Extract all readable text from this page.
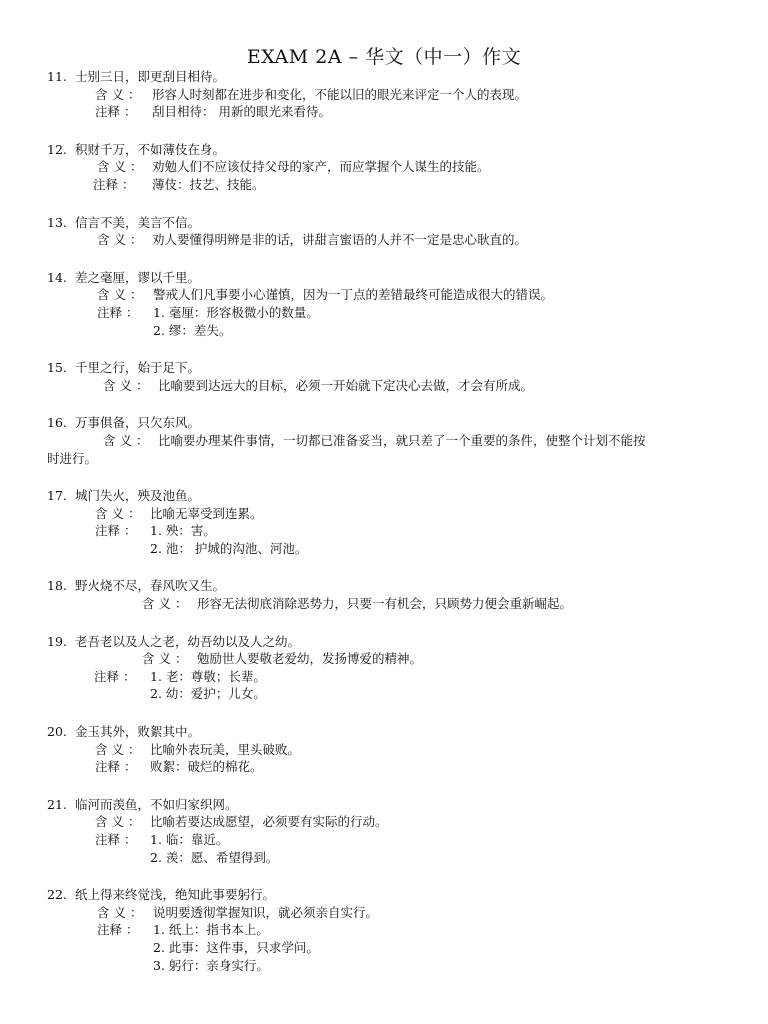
EXAM 2A – 华文（中一）作文
11. 士别三日，即更刮目相待。
含 义 ： 形容人时刻都在进步和变化，不能以旧的眼光来评定一个人的表现。
注释 ：	刮目相待： 用新的眼光来看待。
12. 积财千万，不如薄伎在身。
含 义 ： 劝勉人们不应该仗持父母的家产，而应掌握个人谋生的技能。
注释 ：	薄伎：技艺、技能。
13. 信言不美，美言不信。
含 义 ： 劝人要懂得明辨是非的话，讲甜言蜜语的人并不一定是忠心耿直的。
14. 差之毫厘，谬以千里。
含 义 ： 警戒人们凡事要小心谨慎，因为一丁点的差错最终可能造成很大的错误。
注释 ：	1. 毫厘：形容极微小的数量。
2. 缪：差失。
15. 千里之行，始于足下。
含 义 ： 比喻要到达远大的目标，必须一开始就下定决心去做，才会有所成。
16. 万事俱备，只欠东风。
含 义 ： 比喻要办理某件事情，一切都已准备妥当，就只差了一个重要的条件，使整个计划不能按
时进行。
17. 城门失火，殃及池鱼。
含 义 ： 比喻无辜受到连累。
注释 ：	1. 殃：害。
2. 池： 护城的沟池、河池。
18. 野火烧不尽，春风吹又生。
含 义 ： 形容无法彻底消除恶势力，只要一有机会，只顾势力便会重新崛起。
19. 老吾老以及人之老，幼吾幼以及人之幼。
含 义 ： 勉励世人要敬老爱幼，发扬博爱的精神。
注释 ：	1. 老：尊敬；长辈。
2. 幼：爱护；儿女。
20. 金玉其外，败絮其中。
含 义 ： 比喻外表玩美，里头破败。
注释 ：	败絮：破烂的棉花。
21. 临河而羡鱼，不如归家织网。
含 义 ： 比喻若要达成愿望，必须要有实际的行动。
注释 ：	1. 临：靠近。
2. 羡：愿、希望得到。
22. 纸上得来终觉浅，绝知此事要躬行。
含 义 ： 说明要透彻掌握知识，就必须亲自实行。
注释 ：	1. 纸上：指书本上。
2. 此事：这件事，只求学问。
3. 躬行：亲身实行。
